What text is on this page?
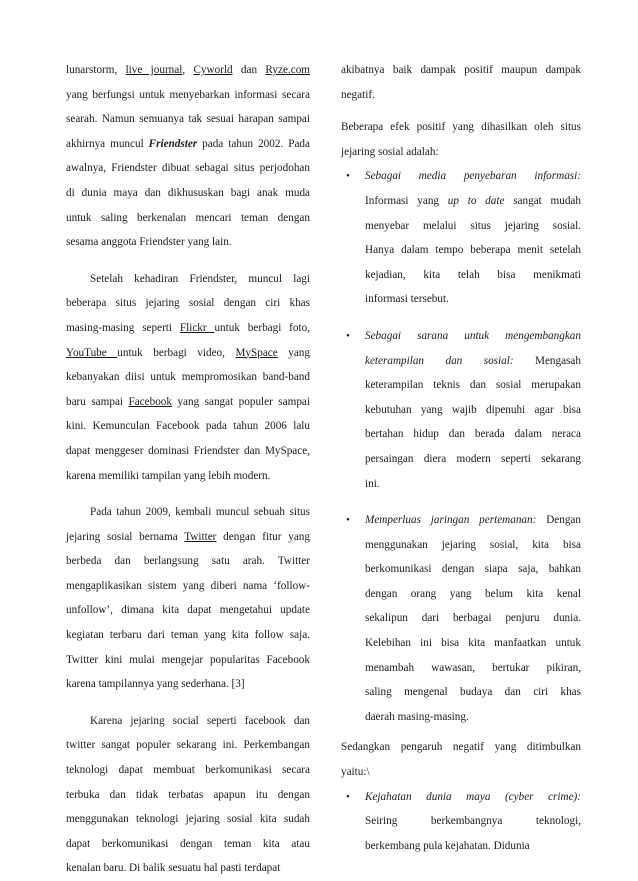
lunarstorm, live journal, Cyworld dan Ryze.com

yang berfungsi untuk menyebarkan informasi secara

searah. Namun semuanya tak sesuai harapan sampai

akhirnya muncul Friendster pada tahun 2002. Pada

awalnya, Friendster dibuat sebagai situs perjodohan

di dunia maya dan dikhususkan bagi anak muda

untuk saling berkenalan mencari teman dengan

sesama anggota Friendster yang lain.

Setelah kehadiran Friendster, muncul lagi

beberapa situs jejaring sosial dengan ciri khas

masing-masing seperti Flickr untuk berbagi foto,

YouTube untuk berbagi video, MySpace yang

kebanyakan diisi untuk mempromosikan band-band

baru sampai Facebook yang sangat populer sampai

kini. Kemunculan Facebook pada tahun 2006 lalu

dapat menggeser dominasi Friendster dan MySpace,

karena memiliki tampilan yang lebih modern.

Pada tahun 2009, kembali muncul sebuah situs

jejaring sosial bernama Twitter dengan fitur yang

berbeda dan berlangsung satu arah. Twitter

mengaplikasikan sistem yang diberi nama ‘follow-

unfollow’, dimana kita dapat mengetahui update

kegiatan terbaru dari teman yang kita follow saja.

Twitter kini mulai mengejar popularitas Facebook

karena tampilannya yang sederhana. [3]

Karena jejaring social seperti facebook dan

twitter sangat populer sekarang ini. Perkembangan

teknologi dapat membuat berkomunikasi secara

terbuka dan tidak terbatas apapun itu dengan

menggunakan teknologi jejaring sosial kita sudah

dapat berkomunikasi dengan teman kita atau

kenalan baru. Di balik sesuatu hal pasti terdapat

akibatnya baik dampak positif maupun dampak

negatif.

Beberapa efek positif yang dihasilkan oleh situs

jejaring sosial adalah:

• Sebagai media penyebaran informasi:

Informasi yang up to date sangat mudah

menyebar melalui situs jejaring sosial.

Hanya dalam tempo beberapa menit setelah

kejadian, kita telah bisa menikmati

informasi tersebut.

• Sebagai sarana untuk mengembangkan

keterampilan dan sosial: Mengasah

keterampilan teknis dan sosial merupakan

kebutuhan yang wajib dipenuhi agar bisa

bertahan hidup dan berada dalam neraca

persaingan diera modern seperti sekarang

ini.

• Memperluas jaringan pertemanan: Dengan

menggunakan jejaring sosial, kita bisa

berkomunikasi dengan siapa saja, bahkan

dengan orang yang belum kita kenal

sekalipun dari berbagai penjuru dunia.

Kelebihan ini bisa kita manfaatkan untuk

menambah wawasan, bertukar pikiran,

saling mengenal budaya dan ciri khas

daerah masing-masing.

Sedangkan pengaruh negatif yang ditimbulkan

yaitu:\

• Kejahatan dunia maya (cyber crime):

Seiring berkembangnya teknologi,

berkembang pula kejahatan. Didunia
